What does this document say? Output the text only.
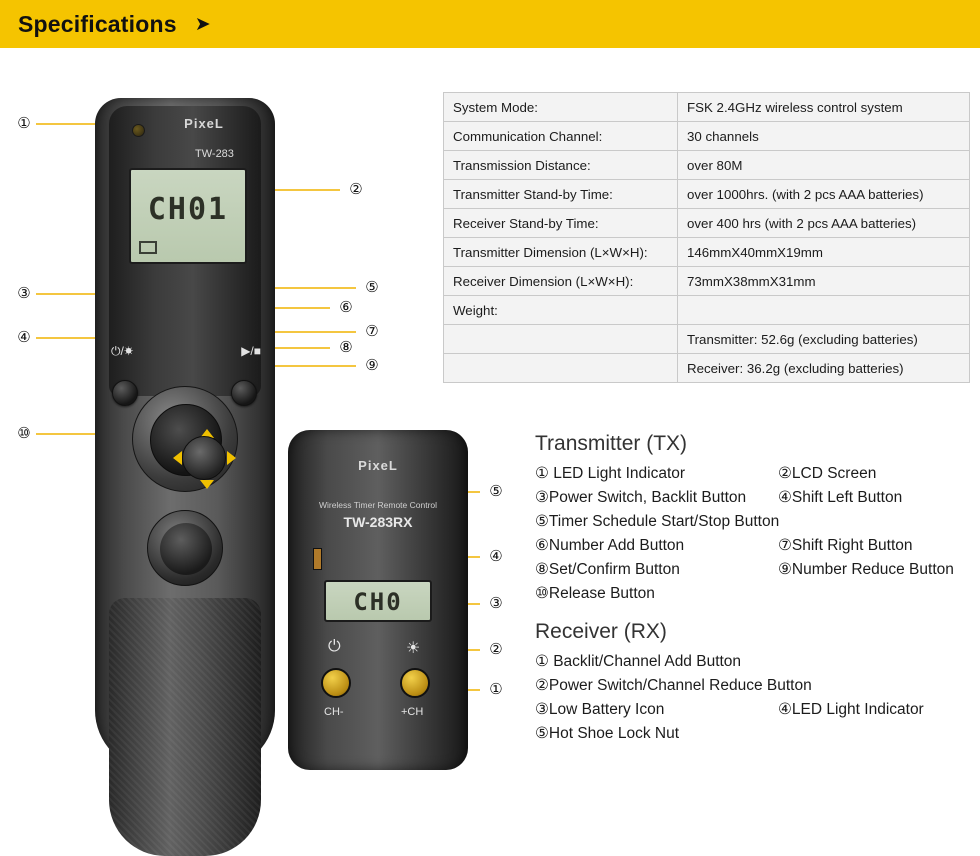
Specifications ➤
PixeL
TW-283
CH01
⏻/☀	▶/■
PixeL
Wireless Timer Remote Control
TW-283RX
CH0
⏻	☀
CH-	+CH
①
②
③
④
⑤
⑥
⑦
⑧
⑨
⑩
⑤
④
③
②
①
System Mode:	FSK 2.4GHz wireless control system
Communication Channel:	30 channels
Transmission Distance:	over 80M
Transmitter Stand-by Time:	over 1000hrs. (with 2 pcs AAA batteries)
Receiver Stand-by Time:	over 400 hrs (with 2 pcs AAA batteries)
Transmitter Dimension (L×W×H):	146mmX40mmX19mm
Receiver Dimension (L×W×H):	73mmX38mmX31mm
Weight:	
	Transmitter: 52.6g (excluding batteries)
	Receiver: 36.2g (excluding batteries)
Transmitter (TX)
① LED Light Indicator	②LCD Screen
③Power Switch, Backlit Button	④Shift Left Button
⑤Timer Schedule Start/Stop Button
⑥Number Add Button	⑦Shift Right Button
⑧Set/Confirm Button	⑨Number Reduce Button
⑩Release Button
Receiver (RX)
① Backlit/Channel Add Button
②Power Switch/Channel Reduce Button
③Low Battery Icon	④LED Light Indicator
⑤Hot Shoe Lock Nut
